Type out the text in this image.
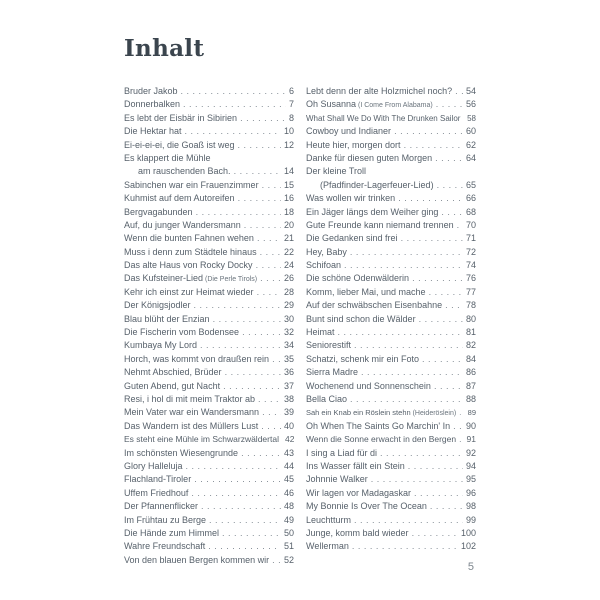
Inhalt
Bruder Jakob . . .	6
Donnerbalken . . .	7
Es lebt der Eisbär in Sibirien . . .	8
Die Hektar hat . . .	10
Ei-ei-ei-ei, die Goaß ist weg . . .	12
Es klappert die Mühle
am rauschenden Bach. . . .	14
Sabinchen war ein Frauenzimmer . . .	15
Kuhmist auf dem Autoreifen . . .	16
Bergvagabunden . . .	18
Auf, du junger Wandersmann . . .	20
Wenn die bunten Fahnen wehen . . .	21
Muss i denn zum Städtele hinaus . . .	22
Das alte Haus von Rocky Docky . . .	24
Das Kufsteiner-Lied (Die Perle Tirols) . . .	26
Kehr ich einst zur Heimat wieder . . .	28
Der Königsjodler . . .	29
Blau blüht der Enzian . . .	30
Die Fischerin vom Bodensee . . .	32
Kumbaya My Lord . . .	34
Horch, was kommt von draußen rein . . . 35
Nehmt Abschied, Brüder . . .	36
Guten Abend, gut Nacht . . .	37
Resi, i hol di mit meim Traktor ab . . .	38
Mein Vater war ein Wandersmann . . .	39
Das Wandern ist des Müllers Lust . . .	40
Es steht eine Mühle im Schwarzwäldertal 42
Im schönsten Wiesengrunde . . .	43
Glory Halleluja . . .	44
Flachland-Tiroler . . .	45
Uffem Friedhouf . . .	46
Der Pfannenflicker . . .	48
Im Frühtau zu Berge . . .	49
Die Hände zum Himmel . . .	50
Wahre Freundschaft . . .	51
Von den blauen Bergen kommen wir . . . 52
Lebt denn der alte Holzmichel noch? . . . 54
Oh Susanna (I Come From Alabama) . . .	56
What Shall We Do With The Drunken Sailor . . . 58
Cowboy und Indianer . . .	60
Heute hier, morgen dort . . .	62
Danke für diesen guten Morgen . . .	64
Der kleine Troll
(Pfadfinder-Lagerfeuer-Lied) . . .	65
Was wollen wir trinken . . .	66
Ein Jäger längs dem Weiher ging . . .	68
Gute Freunde kann niemand trennen . . . 70
Die Gedanken sind frei . . .	71
Hey, Baby . . .	72
Schifoan . . .	74
Die schöne Odenwälderin . . .	76
Komm, lieber Mai, und mache . . .	77
Auf der schwäbschen Eisenbahne . . .	78
Bunt sind schon die Wälder . . .	80
Heimat . . .	81
Seniorestift . . .	82
Schatzi, schenk mir ein Foto . . .	84
Sierra Madre . . .	86
Wochenend und Sonnenschein . . .	87
Bella Ciao . . .	88
Sah ein Knab ein Röslein stehn (Heideröslein) . . . 89
Oh When The Saints Go Marchin' In . . . 90
Wenn die Sonne erwacht in den Bergen . . . 91
I sing a Liad für di . . .	92
Ins Wasser fällt ein Stein . . .	94
Johnnie Walker . . .	95
Wir lagen vor Madagaskar . . .	96
My Bonnie Is Over The Ocean . . .	98
Leuchtturm . . .	99
Junge, komm bald wieder . . .	100
Wellerman . . .	102
5
